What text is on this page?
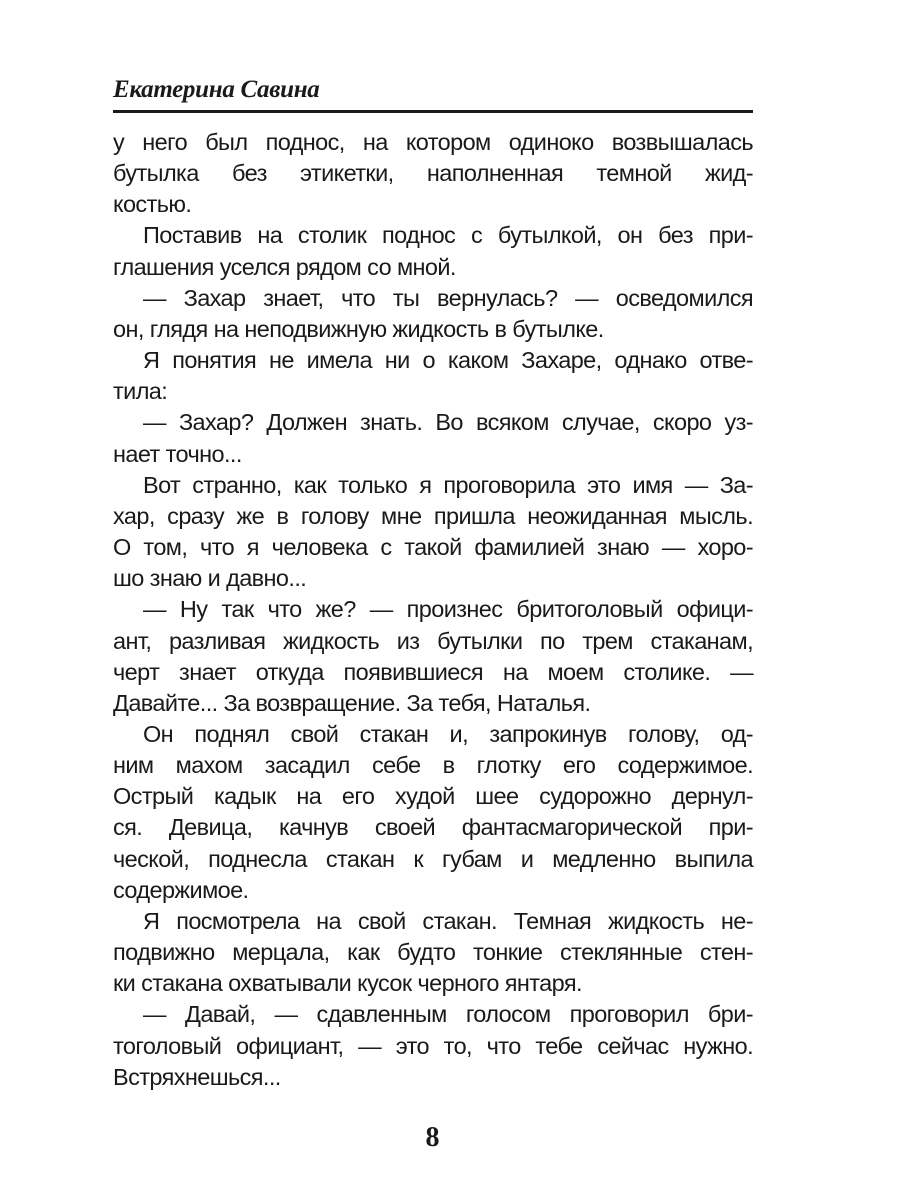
Екатерина Савина
у него был поднос, на котором одиноко возвышалась
бутылка без этикетки, наполненная темной жид-
костью.
Поставив на столик поднос с бутылкой, он без при-
глашения уселся рядом со мной.
— Захар знает, что ты вернулась? — осведомился
он, глядя на неподвижную жидкость в бутылке.
Я понятия не имела ни о каком Захаре, однако отве-
тила:
— Захар? Должен знать. Во всяком случае, скоро уз-
нает точно...
Вот странно, как только я проговорила это имя — За-
хар, сразу же в голову мне пришла неожиданная мысль.
О том, что я человека с такой фамилией знаю — хоро-
шо знаю и давно...
— Ну так что же? — произнес бритоголовый офици-
ант, разливая жидкость из бутылки по трем стаканам,
черт знает откуда появившиеся на моем столике. —
Давайте... За возвращение. За тебя, Наталья.
Он поднял свой стакан и, запрокинув голову, од-
ним махом засадил себе в глотку его содержимое.
Острый кадык на его худой шее судорожно дернул-
ся. Девица, качнув своей фантасмагорической при-
ческой, поднесла стакан к губам и медленно выпила
содержимое.
Я посмотрела на свой стакан. Темная жидкость не-
подвижно мерцала, как будто тонкие стеклянные стен-
ки стакана охватывали кусок черного янтаря.
— Давай, — сдавленным голосом проговорил бри-
тоголовый официант, — это то, что тебе сейчас нужно.
Встряхнешься...
8
